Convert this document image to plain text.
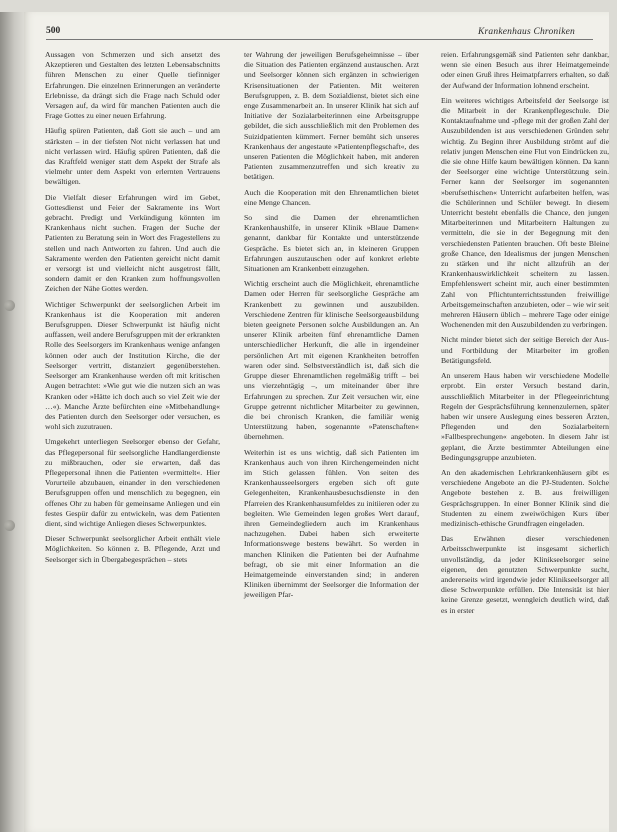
500	Krankenhaus Chroniken

Aussagen von Schmerzen und sich ansetzt des Akzeptieren und Gestalten des letzten Lebensabschnitts führen Menschen zu einer Quelle tiefinniger Erfahrungen. Die einzelnen Erinnerungen an veränderte Erlebnisse, da drängt sich die Frage nach Schuld oder Versagen auf, da wird für manchen Patienten auch die Frage Gottes zu einer neuen Erfahrung.

Häufig spüren Patienten, daß Gott sie auch – und am stärksten – in der tiefsten Not nicht verlassen hat und nicht verlassen wird. Häufig spüren Patienten, daß die das Kraftfeld weniger statt dem Aspekt der Strafe als vielmehr unter dem Aspekt von erlernten Vertrauens bewältigen.

Die Vielfalt dieser Erfahrungen wird im Gebet, Gottesdienst und Feier der Sakramente ins Wort gebracht. Predigt und Verkündigung könnten im Krankenhaus nicht suchen. Fragen der Suche der Patienten zu Beratung sein in Wort des Fragestellens zu stellen und nach Antworten zu fahren. Und auch die Sakramente werden den Patienten gereicht nicht damit er versorgt ist und vielleicht nicht ausgetrost fällt, sondern damit er den Kranken zum hoffnungsvollen Zeichen der Nähe Gottes werden.

Wichtiger Schwerpunkt der seelsorglichen Arbeit im Krankenhaus ist die Kooperation mit anderen Berufsgruppen. Dieser Schwerpunkt ist häufig nicht auffassen, weil andere Berufsgruppen mit der erkrankten Rolle des Seelsorgers im Krankenhaus wenige anfangen können oder auch der Institution Kirche, die der Seelsorger vertritt, distanziert gegenüberstehen. Seelsorger am Krankenhause werden oft mit kritischen Augen betrachtet: »Wie gut wie die nutzen sich an was Kranken oder »Hätte ich doch auch so viel Zeit wie der …«). Manche Ärzte befürchten eine »Mitbehandlung« des Patienten durch den Seelsorger oder versuchen, es wohl sich zuzutrauen.

Umgekehrt unterliegen Seelsorger ebenso der Gefahr, das Pflegepersonal für seelsorgliche Handlangerdienste zu mißbrauchen, oder sie erwarten, daß das Pflegepersonal ihnen die Patienten »vermittelt«. Hier Vorurteile abzubauen, einander in den verschiedenen Berufsgruppen offen und menschlich zu begegnen, ein offenes Ohr zu haben für gemeinsame Anliegen und ein festes Gespür dafür zu entwickeln, was dem Patienten dient, sind wichtige Anliegen dieses Schwerpunktes.

Dieser Schwerpunkt seelsorglicher Arbeit enthält viele Möglichkeiten. So können z. B. Pflegende, Arzt und Seelsorger sich in Übergabegesprächen – stets

ter Wahrung der jeweiligen Berufsgeheimnisse – über die Situation des Patienten ergänzend austauschen. Arzt und Seelsorger können sich ergänzen in schwierigen Krisensituationen der Patienten. Mit weiteren Berufsgruppen, z. B. dem Sozialdienst, bietet sich eine enge Zusammenarbeit an. In unserer Klinik hat sich auf Initiative der Sozialarbeiterinnen eine Arbeitsgruppe gebildet, die sich ausschließlich mit den Problemen des Suizidpatienten kümmert. Ferner bemüht sich unseres Krankenhaus der angestaute »Patientenpflegschaft«, des unseren Patienten die Möglichkeit haben, mit anderen Patienten zusammenzutreffen und sich kreativ zu betätigen.

Auch die Kooperation mit den Ehrenamtlichen bietet eine Menge Chancen.

So sind die Damen der ehrenamtlichen Krankenhaushilfe, in unserer Klinik »Blaue Damen« genannt, dankbar für Kontakte und unterstützende Gespräche. Es bietet sich an, in kleineren Gruppen Erfahrungen auszutauschen oder auf konkret erlebte Situationen am Krankenbett einzugehen.

Wichtig erscheint auch die Möglichkeit, ehrenamtliche Damen oder Herren für seelsorgliche Gespräche am Krankenbett zu gewinnen und auszubilden. Verschiedene Zentren für klinische Seelsorgeausbildung bieten geeignete Personen solche Ausbildungen an. An unserer Klinik arbeiten fünf ehrenamtliche Damen unterschiedlicher Herkunft, die alle in irgendeiner persönlichen Art mit eigenen Krankheiten betroffen waren oder sind. Selbstverständlich ist, daß sich die Gruppe dieser Ehrenamtlichen regelmäßig trifft – bei uns vierzehntägig –, um miteinander über ihre Erfahrungen zu sprechen. Zur Zeit versuchen wir, eine Gruppe getrennt nichtlicher Mitarbeiter zu gewinnen, die bei chronisch Kranken, die familiär wenig Unterstützung haben, sogenannte »Patenschaften« übernehmen.

Weiterhin ist es uns wichtig, daß sich Patienten im Krankenhaus auch von ihren Kirchengemeinden nicht im Stich gelassen fühlen. Von seiten des Krankenhausseelsorgers ergeben sich oft gute Gelegenheiten, Krankenhausbesuchsdienste in den Pfarreien des Krankenhausumfeldes zu initiieren oder zu begleiten. Wie Gemeinden legen großes Wert darauf, ihren Gemeindegliedern auch im Krankenhaus nachzugehen. Dabei haben sich erweiterte Informationswege bestens bewährt. So werden in manchen Kliniken die Patienten bei der Aufnahme befragt, ob sie mit einer Information an die Heimatgemeinde einverstanden sind; in anderen Kliniken übernimmt der Seelsorger die Information der jeweiligen Pfar-

reien. Erfahrungsgemäß sind Patienten sehr dankbar, wenn sie einen Besuch aus ihrer Heimatgemeinde oder einen Gruß ihres Heimatpfarrers erhalten, so daß der Aufwand der Information lohnend erscheint.

Ein weiteres wichtiges Arbeitsfeld der Seelsorge ist die Mitarbeit in der Krankenpflegeschule. Die Kontaktaufnahme und -pflege mit der großen Zahl der Auszubildenden ist aus verschiedenen Gründen sehr wichtig. Zu Beginn ihrer Ausbildung strömt auf die relativ jungen Menschen eine Flut von Eindrücken zu, die sie ohne Hilfe kaum bewältigen können. Da kann der Seelsorger eine wichtige Unterstützung sein. Ferner kann der Seelsorger im sogenannten »berufsethischen« Unterricht aufarbeiten helfen, was die Schülerinnen und Schüler bewegt. In diesem Unterricht besteht ebenfalls die Chance, den jungen Mitarbeiterinnen und Mitarbeitern Haltungen zu vermitteln, die sie in der Begegnung mit den verschiedensten Patienten brauchen. Oft beste Bleine große Chance, den Idealismus der jungen Menschen zu stärken und ihr nicht allzufrüh an der Krankenhauswirklichkeit scheitern zu lassen. Empfehlenswert scheint mir, auch einer bestimmten Zahl von Pflichtunterrichtsstunden freiwillige Arbeitsgemeinschaften anzubieten, oder – wie wir seit mehreren Häusern üblich – mehrere Tage oder einige Wochenenden mit den Auszubildenden zu verbringen.

Nicht minder bietet sich der seitige Bereich der Aus- und Fortbildung der Mitarbeiter im großen Betätigungsfeld.

An unserem Haus haben wir verschiedene Modelle erprobt. Ein erster Versuch bestand darin, ausschließlich Mitarbeiter in der Pflegeeinrichtung Regeln der Gesprächsführung kennenzulernen, später haben wir unsere Auslegung eines besseren Ärzten, Pflegenden und den Sozialarbeitern »Fallbesprechungen« angeboten. In diesem Jahr ist geplant, die Ärzte bestimmter Abteilungen eine Bedingungsgruppe anzubieten.

An den akademischen Lehrkrankenhäusern gibt es verschiedene Angebote an die PJ-Studenten. Solche Angebote bestehen z. B. aus freiwilligen Gesprächsgruppen. In einer Bonner Klinik sind die Studenten zu einem zweiwöchigen Kurs über medizinisch-ethische Grundfragen eingeladen.

Das Erwähnen dieser verschiedenen Arbeitsschwerpunkte ist insgesamt sicherlich unvollständig, da jeder Klinikseelsorger seine eigenen, den genutzten Schwerpunkte sucht, andererseits wird irgendwie jeder Klinikseelsorger all diese Schwerpunkte erfüllen. Die Intensität ist hier keine Grenze gesetzt, wenngleich deutlich wird, daß es in erster
